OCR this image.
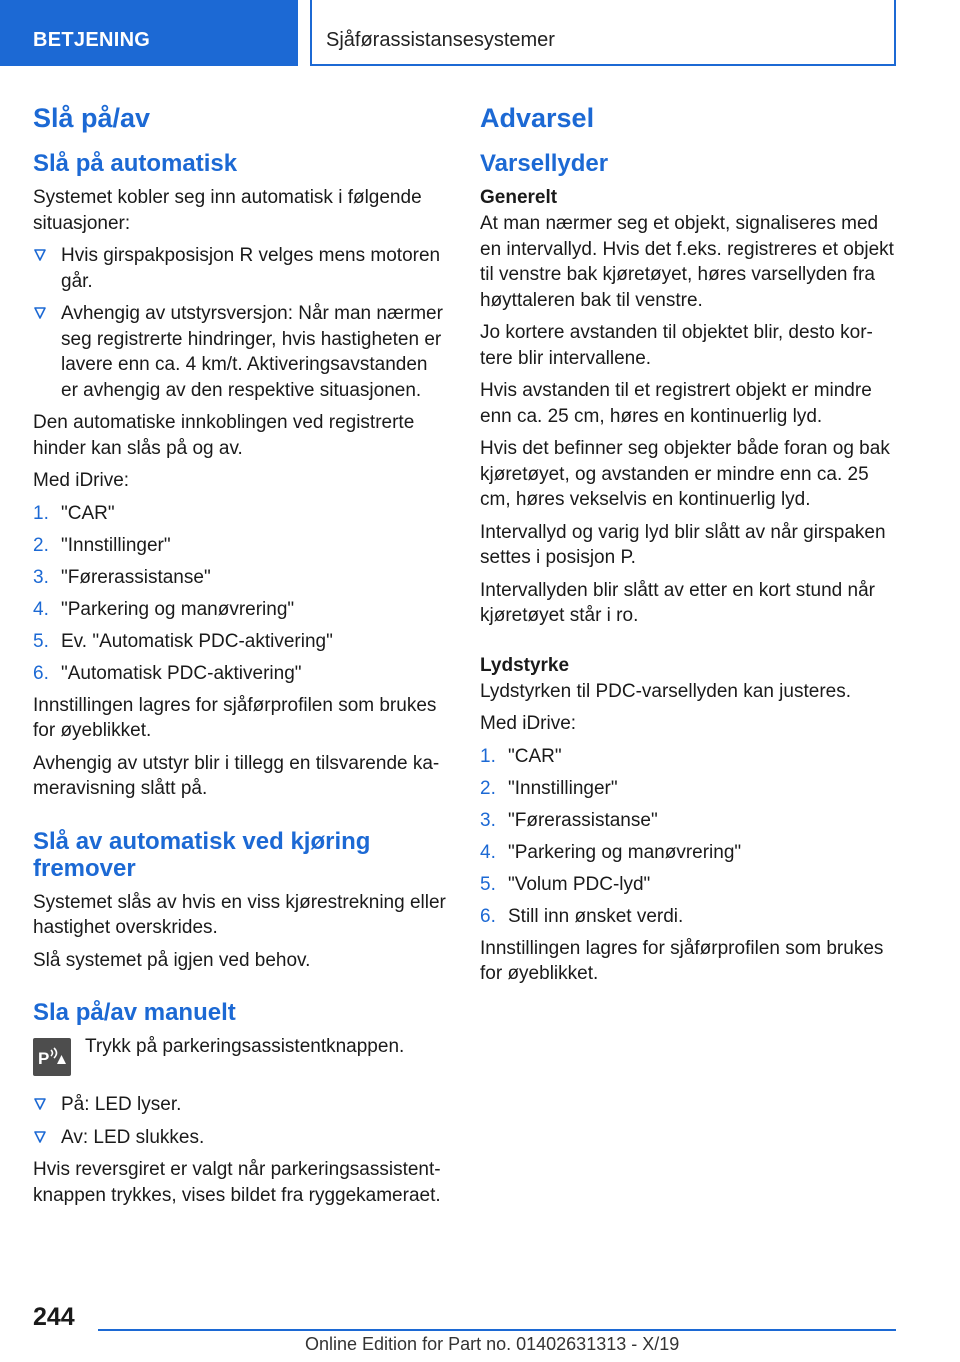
BETJENING	Sjåførassistansesystemer
Slå på/av
Slå på automatisk

Systemet kobler seg inn automatisk i følgende situasjoner:

Hvis girspakposisjon R velges mens motoren går.
Avhengig av utstyrsversjon: Når man nærmer seg registrerte hindringer, hvis hastigheten er lavere enn ca. 4 km/t. Aktiveringsavstanden er avhengig av den respektive situasjonen.

Den automatiske innkoblingen ved registrerte hinder kan slås på og av.

Med iDrive:

1. "CAR"
2. "Innstillinger"
3. "Førerassistanse"
4. "Parkering og manøvrering"
5. Ev. "Automatisk PDC-aktivering"
6. "Automatisk PDC-aktivering"

Innstillingen lagres for sjåførprofilen som brukes for øyeblikket.

Avhengig av utstyr blir i tillegg en tilsvarende kameravisning slått på.

Slå av automatisk ved kjøring fremover

Systemet slås av hvis en viss kjørestrekning eller hastighet overskrides.

Slå systemet på igjen ved behov.

Sla på/av manuelt
P

Trykk på parkeringsassistentknappen.

På: LED lyser.
Av: LED slukkes.

Hvis reversgiret er valgt når parkeringsassistentknappen trykkes, vises bildet fra ryggekameraet.

Advarsel
Varsellyder
Generelt

At man nærmer seg et objekt, signaliseres med en intervallyd. Hvis det f.eks. registreres et objekt til venstre bak kjøretøyet, høres varsellyden fra høyttaleren bak til venstre.

Jo kortere avstanden til objektet blir, desto kortere blir intervallene.

Hvis avstanden til et registrert objekt er mindre enn ca. 25 cm, høres en kontinuerlig lyd.

Hvis det befinner seg objekter både foran og bak kjøretøyet, og avstanden er mindre enn ca. 25 cm, høres vekselvis en kontinuerlig lyd.

Intervallyd og varig lyd blir slått av når girspaken settes i posisjon P.

Intervallyden blir slått av etter en kort stund når kjøretøyet står i ro.

Lydstyrke

Lydstyrken til PDC-varsellyden kan justeres.

Med iDrive:

1. "CAR"
2. "Innstillinger"
3. "Førerassistanse"
4. "Parkering og manøvrering"
5. "Volum PDC-lyd"
6. Still inn ønsket verdi.

Innstillingen lagres for sjåførprofilen som brukes for øyeblikket.

244
Online Edition for Part no. 01402631313 - X/19
